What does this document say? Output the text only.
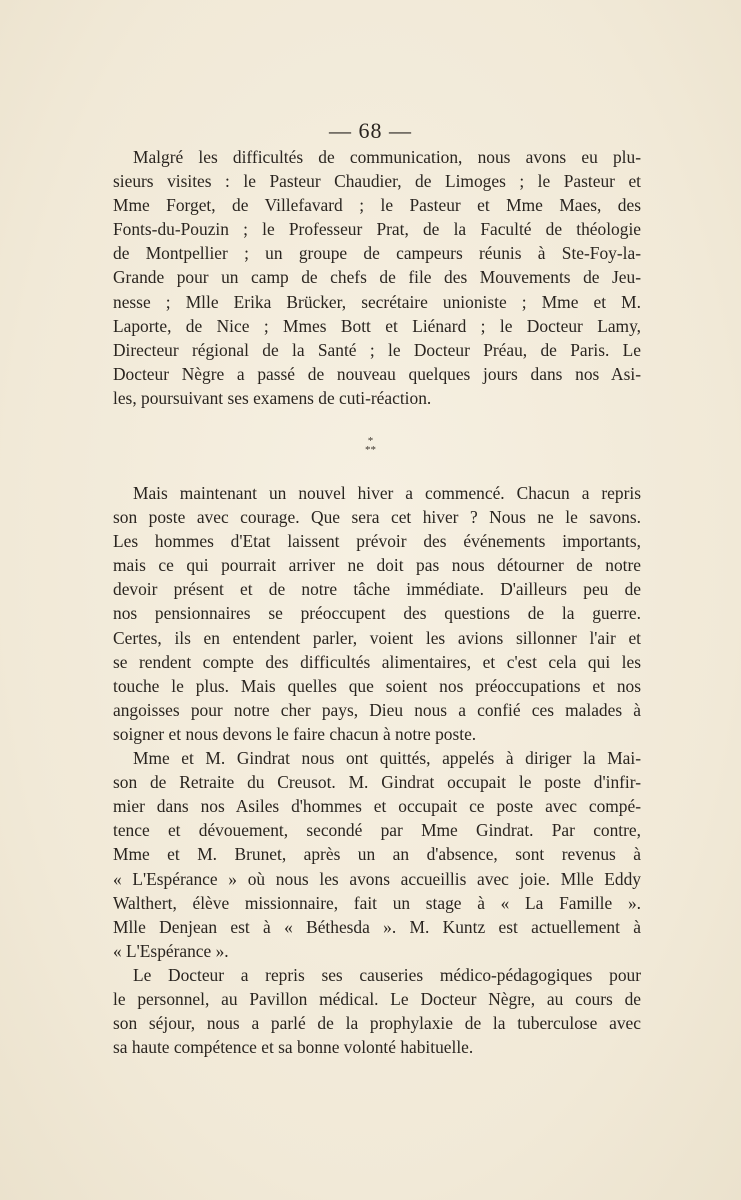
— 68 —
Malgré les difficultés de communication, nous avons eu plu-
sieurs visites : le Pasteur Chaudier, de Limoges ; le Pasteur et
Mme Forget, de Villefavard ; le Pasteur et Mme Maes, des
Fonts-du-Pouzin ; le Professeur Prat, de la Faculté de théologie
de Montpellier ; un groupe de campeurs réunis à Ste-Foy-la-
Grande pour un camp de chefs de file des Mouvements de Jeu-
nesse ; Mlle Erika Brücker, secrétaire unioniste ; Mme et M.
Laporte, de Nice ; Mmes Bott et Liénard ; le Docteur Lamy,
Directeur régional de la Santé ; le Docteur Préau, de Paris. Le
Docteur Nègre a passé de nouveau quelques jours dans nos Asi-
les, poursuivant ses examens de cuti-réaction.
*
**
Mais maintenant un nouvel hiver a commencé. Chacun a repris
son poste avec courage. Que sera cet hiver ? Nous ne le savons.
Les hommes d'Etat laissent prévoir des événements importants,
mais ce qui pourrait arriver ne doit pas nous détourner de notre
devoir présent et de notre tâche immédiate. D'ailleurs peu de
nos pensionnaires se préoccupent des questions de la guerre.
Certes, ils en entendent parler, voient les avions sillonner l'air et
se rendent compte des difficultés alimentaires, et c'est cela qui les
touche le plus. Mais quelles que soient nos préoccupations et nos
angoisses pour notre cher pays, Dieu nous a confié ces malades à
soigner et nous devons le faire chacun à notre poste.
Mme et M. Gindrat nous ont quittés, appelés à diriger la Mai-
son de Retraite du Creusot. M. Gindrat occupait le poste d'infir-
mier dans nos Asiles d'hommes et occupait ce poste avec compé-
tence et dévouement, secondé par Mme Gindrat. Par contre,
Mme et M. Brunet, après un an d'absence, sont revenus à
« L'Espérance » où nous les avons accueillis avec joie. Mlle Eddy
Walthert, élève missionnaire, fait un stage à « La Famille ».
Mlle Denjean est à « Béthesda ». M. Kuntz est actuellement à
« L'Espérance ».
Le Docteur a repris ses causeries médico-pédagogiques pour
le personnel, au Pavillon médical. Le Docteur Nègre, au cours de
son séjour, nous a parlé de la prophylaxie de la tuberculose avec
sa haute compétence et sa bonne volonté habituelle.
